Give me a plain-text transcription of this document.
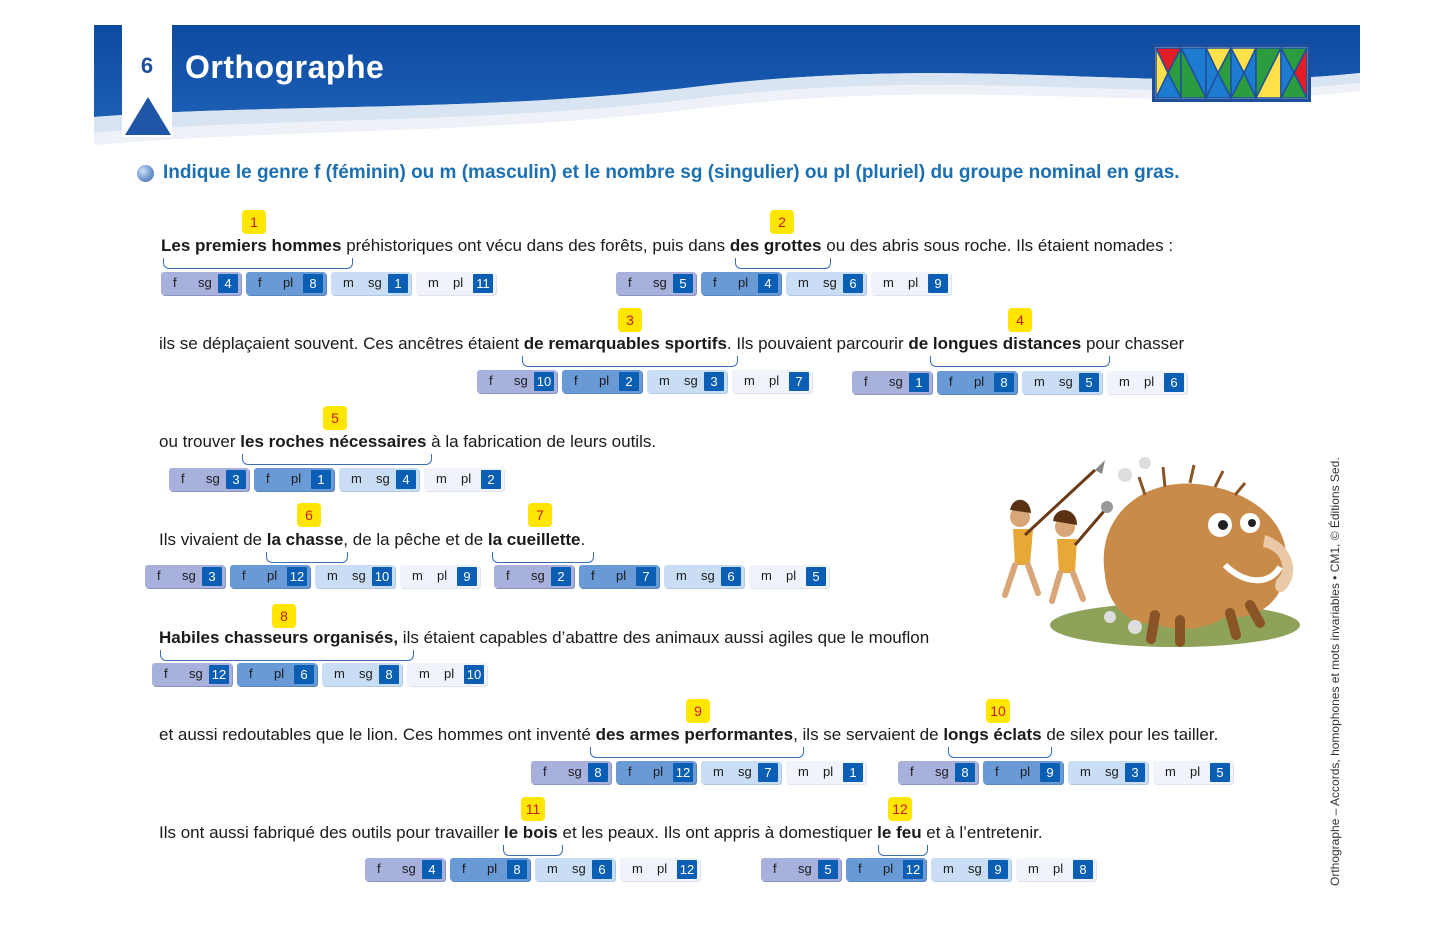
6 Orthographe
Indique le genre f (féminin) ou m (masculin) et le nombre sg (singulier) ou pl (pluriel) du groupe nominal en gras.
Les premiers hommes préhistoriques ont vécu dans des forêts, puis dans des grottes ou des abris sous roche. Ils étaient nomades :
ils se déplaçaient souvent. Ces ancêtres étaient de remarquables sportifs. Ils pouvaient parcourir de longues distances pour chasser
ou trouver les roches nécessaires à la fabrication de leurs outils.
Ils vivaient de la chasse, de la pêche et de la cueillette.
Habiles chasseurs organisés, ils étaient capables d’abattre des animaux aussi agiles que le mouflon
et aussi redoutables que le lion. Ces hommes ont inventé des armes performantes, ils se servaient de longs éclats de silex pour les tailler.
Ils ont aussi fabriqué des outils pour travailler le bois et les peaux. Ils ont appris à domestiquer le feu et à l’entretenir.
1	2
3	4
5
6	7
8
9	10
11	12
f sg 4	f pl	8	m sg 1	m pl 11	f sg 5	f pl	4	m sg 6	m pl	9
f sg 10 f pl	2	m sg 3	m pl	7	f sg 1	f pl	8	m sg 5	m pl	6
f sg 3	f pl	1	m sg 4	m pl	2
f sg 3	f pl 12 m sg 10 m pl	9	f sg 2	f pl	7	m sg 6	m pl	5
f sg 12 f pl	6	m sg 8	m pl 10
f sg 8	f pl 12 m sg 7	m pl	1	f sg 8	f pl	9	m sg 3	m pl	5
f sg 4	f pl	8	m sg 6	m pl 12	f sg 5	f pl 12 m sg 9	m pl	8	Orthographe – Accords, homophones et mots invariables • CM1, © Éditions Sed.
